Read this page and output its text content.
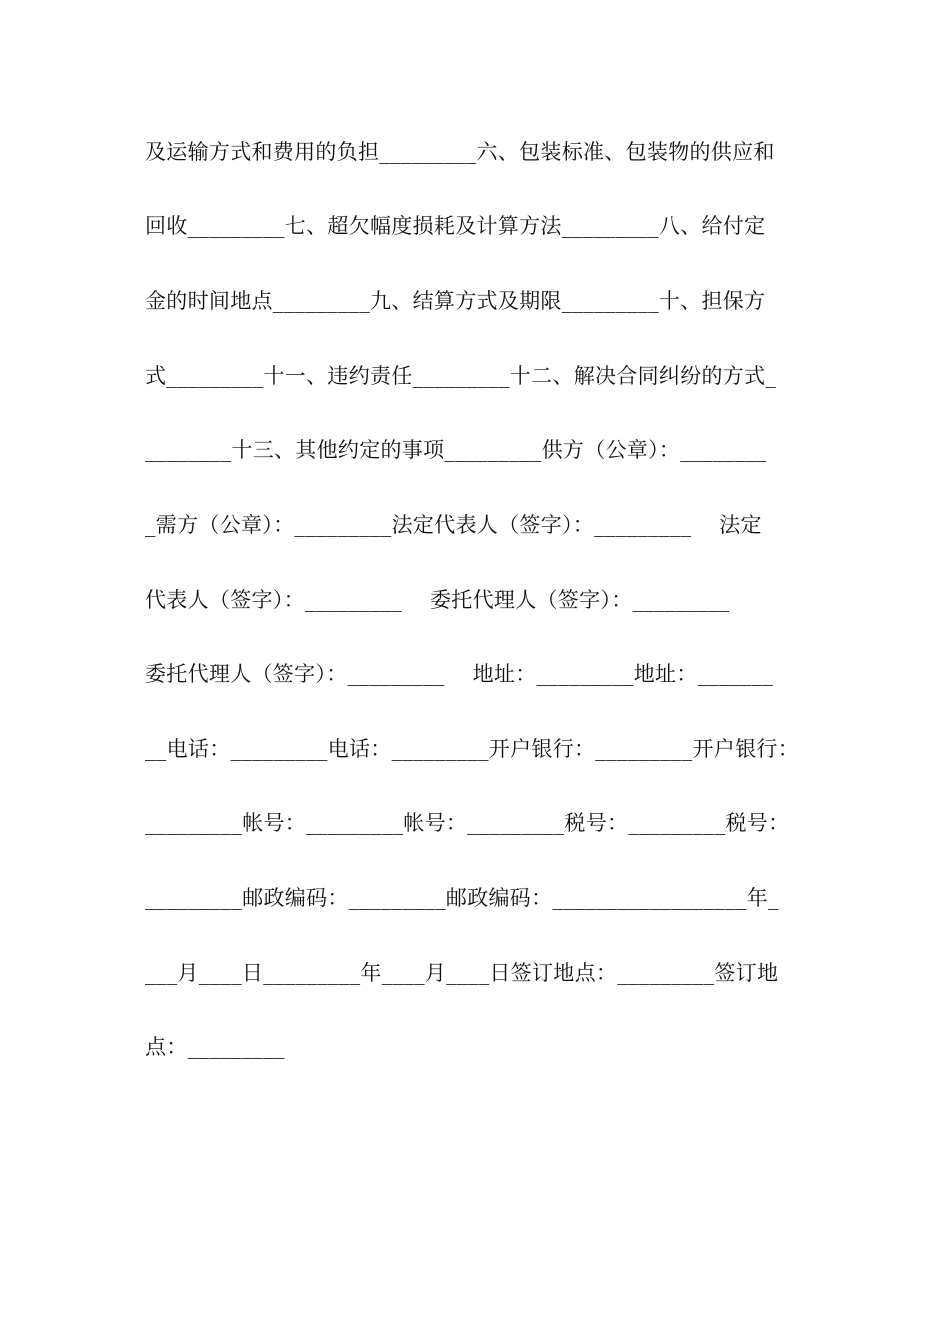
及运输方式和费用的负担_________六、包装标准、包装物的供应和
回收_________七、超欠幅度损耗及计算方法_________八、给付定
金的时间地点_________九、结算方式及期限_________十、担保方
式_________十一、违约责任_________十二、解决合同纠纷的方式_
________十三、其他约定的事项_________供方（公章）：________
_需方（公章）：_________法定代表人（签字）：_________    法定
代表人（签字）：_________    委托代理人（签字）：_________
委托代理人（签字）：_________    地址：_________地址：_______
__电话：_________电话：_________开户银行：_________开户银行：
_________帐号：_________帐号：_________税号：_________税号：
_________邮政编码：_________邮政编码：__________________年_
___月____日_________年____月____日签订地点：_________签订地
点：_________
